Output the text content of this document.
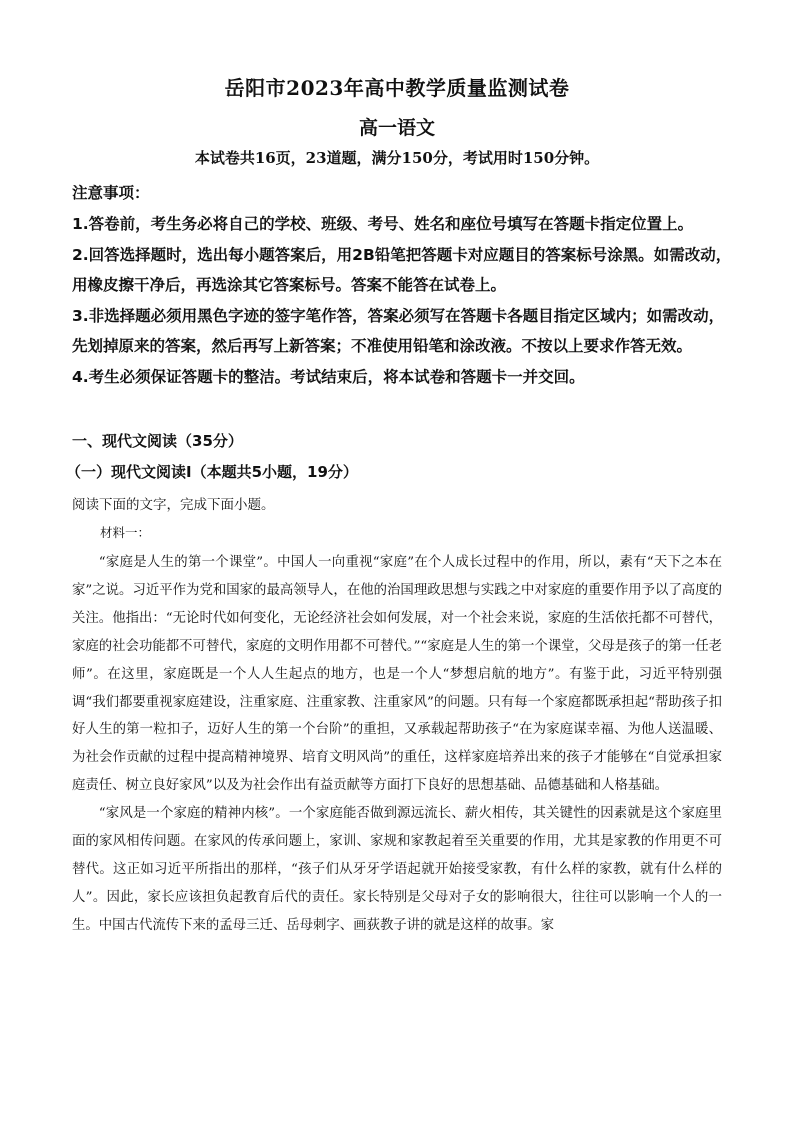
岳阳市2023年高中教学质量监测试卷
高一语文
本试卷共16页，23道题，满分150分，考试用时150分钟。
注意事项：

1.答卷前，考生务必将自己的学校、班级、考号、姓名和座位号填写在答题卡指定位置上。

2.回答选择题时，选出每小题答案后，用2B铅笔把答题卡对应题目的答案标号涂黑。如需改动，用橡皮擦干净后，再选涂其它答案标号。答案不能答在试卷上。

3.非选择题必须用黑色字迹的签字笔作答，答案必须写在答题卡各题目指定区域内；如需改动，先划掉原来的答案，然后再写上新答案；不准使用铅笔和涂改液。不按以上要求作答无效。

4.考生必须保证答题卡的整洁。考试结束后，将本试卷和答题卡一并交回。

一、现代文阅读（35分）
（一）现代文阅读Ⅰ（本题共5小题，19分）
阅读下面的文字，完成下面小题。
材料一：

“家庭是人生的第一个课堂”。中国人一向重视“家庭”在个人成长过程中的作用，所以，素有“天下之本在家”之说。习近平作为党和国家的最高领导人，在他的治国理政思想与实践之中对家庭的重要作用予以了高度的关注。他指出：“无论时代如何变化，无论经济社会如何发展，对一个社会来说，家庭的生活依托都不可替代，家庭的社会功能都不可替代，家庭的文明作用都不可替代。”“家庭是人生的第一个课堂，父母是孩子的第一任老师”。在这里，家庭既是一个人人生起点的地方，也是一个人“梦想启航的地方”。有鉴于此，习近平特别强调“我们都要重视家庭建设，注重家庭、注重家教、注重家风”的问题。只有每一个家庭都既承担起“帮助孩子扣好人生的第一粒扣子，迈好人生的第一个台阶”的重担，又承载起帮助孩子“在为家庭谋幸福、为他人送温暖、为社会作贡献的过程中提高精神境界、培育文明风尚”的重任，这样家庭培养出来的孩子才能够在“自觉承担家庭责任、树立良好家风”以及为社会作出有益贡献等方面打下良好的思想基础、品德基础和人格基础。

“家风是一个家庭的精神内核”。一个家庭能否做到源远流长、薪火相传，其关键性的因素就是这个家庭里面的家风相传问题。在家风的传承问题上，家训、家规和家教起着至关重要的作用，尤其是家教的作用更不可替代。这正如习近平所指出的那样，“孩子们从牙牙学语起就开始接受家教，有什么样的家教，就有什么样的人”。因此，家长应该担负起教育后代的责任。家长特别是父母对子女的影响很大，往往可以影响一个人的一生。中国古代流传下来的孟母三迁、岳母刺字、画荻教子讲的就是这样的故事。家
